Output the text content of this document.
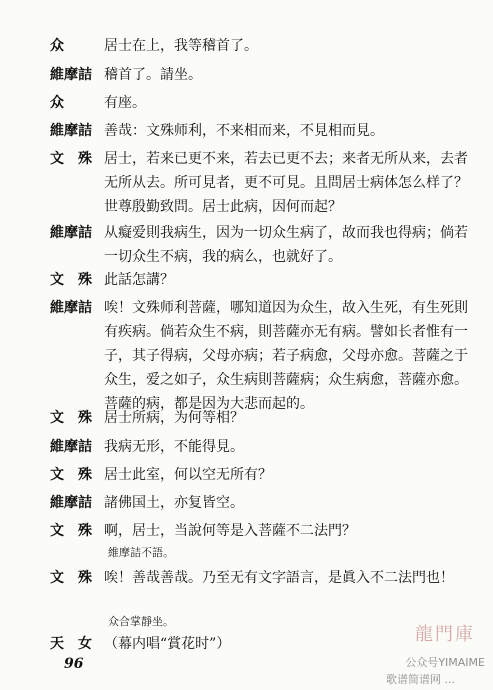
众	居士在上，我等稽首了。
維摩詰 稽首了。請坐。
众	有座。
維摩詰 善哉：文殊师利，不来相而来，不見相而見。
文　殊 居士，若来已更不来，若去已更不去；来者无所从来，去者无所从去。所可見者，更不可見。且問居士病体怎么样了？世尊殷勤致問。居士此病，因何而起？
維摩詰 从癡爱則我病生，因为一切众生病了，故而我也得病；倘若一切众生不病，我的病么，也就好了。
文　殊 此話怎講？
維摩詰 唉！文殊师利菩薩，哪知道因为众生，故入生死，有生死則有疾病。倘若众生不病，則菩薩亦无有病。譬如长者惟有一子，其子得病，父母亦病；若子病愈，父母亦愈。菩薩之于众生，爱之如子，众生病則菩薩病；众生病愈，菩薩亦愈。菩薩的病，都是因为大悲而起的。
文　殊 居士所病，为何等相？
維摩詰 我病无形，不能得見。
文　殊 居士此室，何以空无所有？
維摩詰 諸佛国土，亦复皆空。
文　殊 啊，居士，当說何等是入菩薩不二法門？
維摩詰不語。
文　殊 唉！善哉善哉。乃至无有文字語言，是眞入不二法門也！
众合掌靜坐。
天　女 （幕内唱“賞花时”）
96
龍門庫
公众号YIMAIME
歌谱简谱网 ...
